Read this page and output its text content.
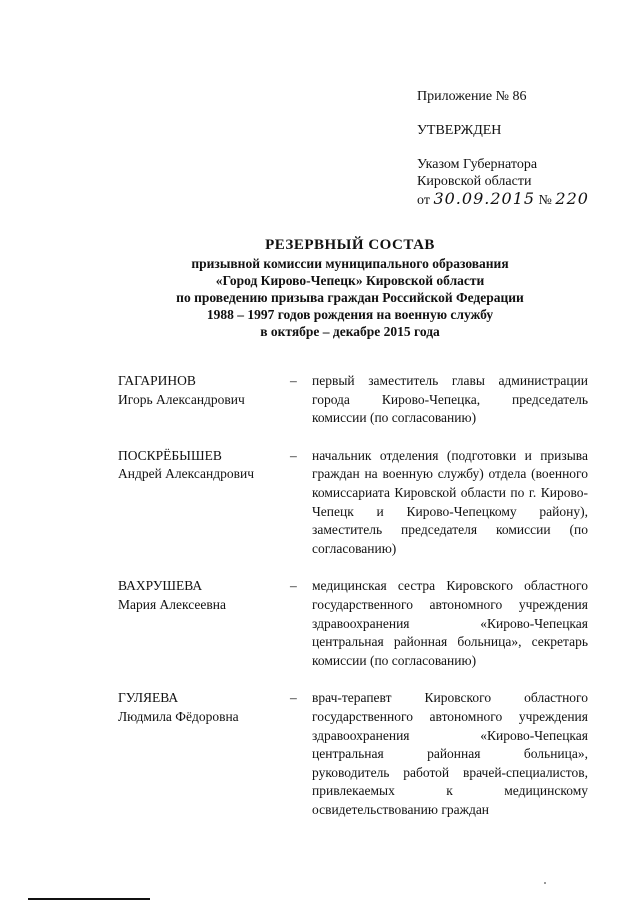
Приложение № 86
УТВЕРЖДЕН
Указом Губернатора
Кировской области
от 30.09.2015 № 220
РЕЗЕРВНЫЙ СОСТАВ
призывной комиссии муниципального образования
«Город Кирово-Чепецк» Кировской области
по проведению призыва граждан Российской Федерации
1988 – 1997 годов рождения на военную службу
в октябре – декабре 2015 года
ГАГАРИНОВ
Игорь Александрович
–	первый заместитель главы администрации города Кирово-Чепецка, председатель комиссии (по согласованию)
ПОСКРЁБЫШЕВ
Андрей Александрович
–	начальник отделения (подготовки и призыва граждан на военную службу) отдела (военного комиссариата Кировской области по г. Кирово-Чепецк и Кирово-Чепецкому району), заместитель председателя комиссии (по согласованию)
ВАХРУШЕВА
Мария Алексеевна
–	медицинская сестра Кировского областного государственного автономного учреждения здравоохранения «Кирово-Чепецкая центральная районная больница», секретарь комиссии (по согласованию)
ГУЛЯЕВА
Людмила Фёдоровна
–	врач-терапевт Кировского областного государственного автономного учреждения здравоохранения «Кирово-Чепецкая центральная районная больница», руководитель работой врачей-специалистов, привлекаемых к медицинскому освидетельствованию граждан
